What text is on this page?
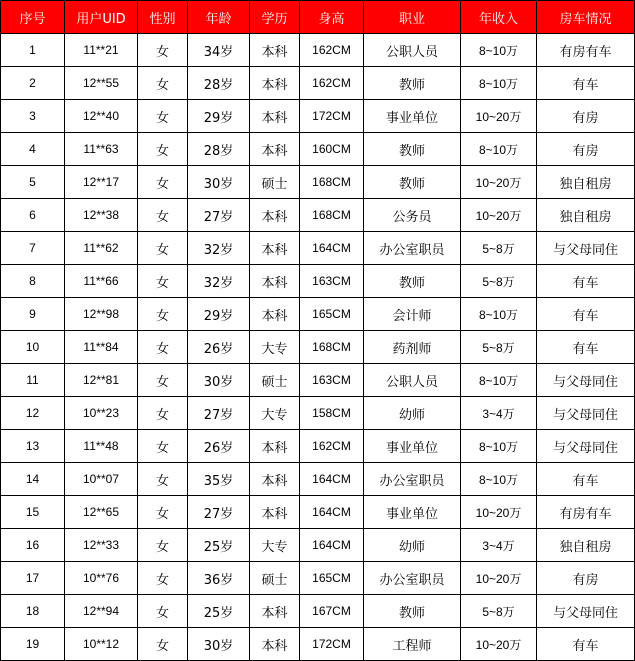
序号	用户UID	性别	年龄	学历	身高	职业	年收入	房车情况
1	11**21	女	34岁	本科	162CM	公职人员	8~10万	有房有车
2	12**55	女	28岁	本科	162CM	教师	8~10万	有车
3	12**40	女	29岁	本科	172CM	事业单位	10~20万	有房
4	11**63	女	28岁	本科	160CM	教师	8~10万	有房
5	12**17	女	30岁	硕士	168CM	教师	10~20万	独自租房
6	12**38	女	27岁	本科	168CM	公务员	10~20万	独自租房
7	11**62	女	32岁	本科	164CM	办公室职员	5~8万	与父母同住
8	11**66	女	32岁	本科	163CM	教师	5~8万	有车
9	12**98	女	29岁	本科	165CM	会计师	8~10万	有车
10	11**84	女	26岁	大专	168CM	药剂师	5~8万	有车
11	12**81	女	30岁	硕士	163CM	公职人员	8~10万	与父母同住
12	10**23	女	27岁	大专	158CM	幼师	3~4万	与父母同住
13	11**48	女	26岁	本科	162CM	事业单位	8~10万	与父母同住
14	10**07	女	35岁	本科	164CM	办公室职员	8~10万	有车
15	12**65	女	27岁	本科	164CM	事业单位	10~20万	有房有车
16	12**33	女	25岁	大专	164CM	幼师	3~4万	独自租房
17	10**76	女	36岁	硕士	165CM	办公室职员	10~20万	有房
18	12**94	女	25岁	本科	167CM	教师	5~8万	与父母同住
19	10**12	女	30岁	本科	172CM	工程师	10~20万	有车
